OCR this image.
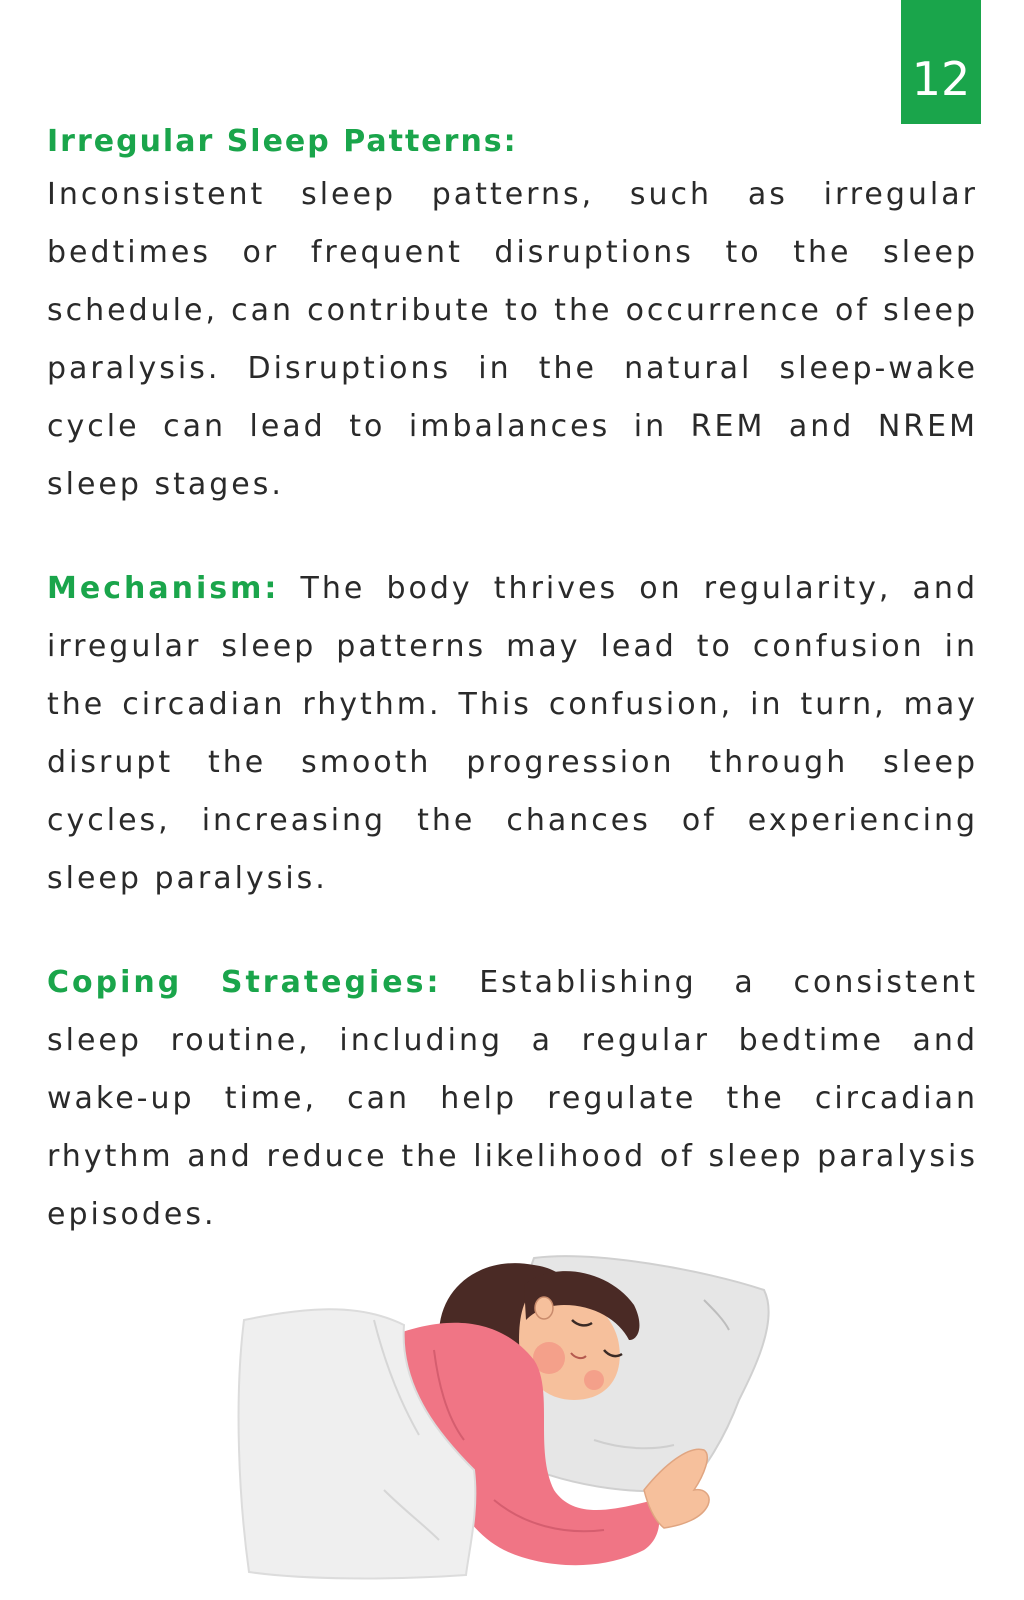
12
Irregular Sleep Patterns:

Inconsistent sleep patterns, such as irregular bedtimes or frequent disruptions to the sleep schedule, can contribute to the occurrence of sleep paralysis. Disruptions in the natural sleep-wake cycle can lead to imbalances in REM and NREM sleep stages.

Mechanism: The body thrives on regularity, and irregular sleep patterns may lead to confusion in the circadian rhythm. This confusion, in turn, may disrupt the smooth progression through sleep cycles, increasing the chances of experiencing sleep paralysis.

Coping Strategies: Establishing a consistent sleep routine, including a regular bedtime and wake-up time, can help regulate the circadian rhythm and reduce the likelihood of sleep paralysis episodes.
